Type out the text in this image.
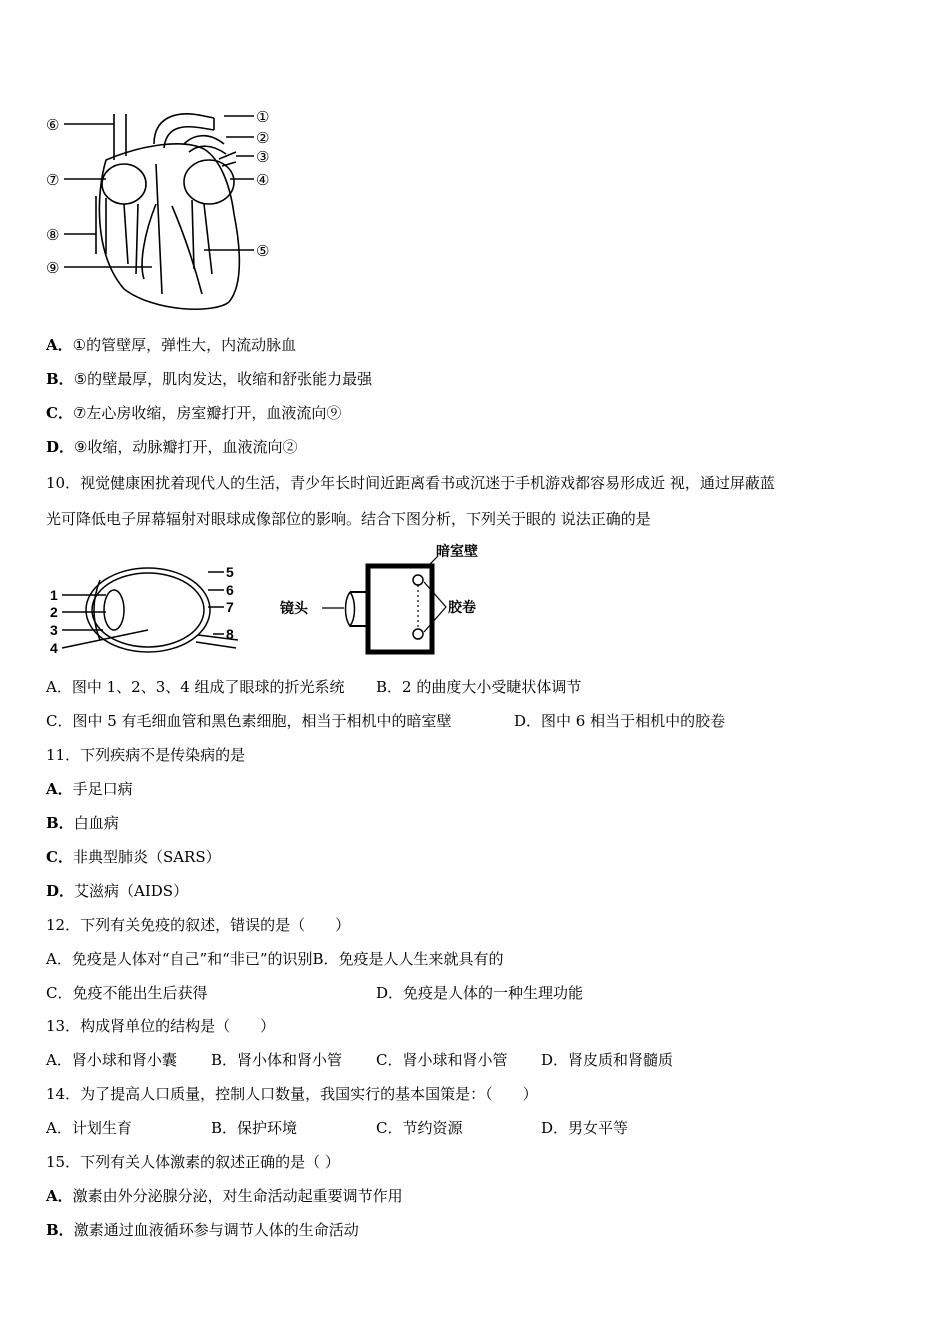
⑥
⑦
⑧
⑨
①
②
③
④
⑤
A．①的管壁厚，弹性大，内流动脉血
B．⑤的壁最厚，肌肉发达，收缩和舒张能力最强
C．⑦左心房收缩，房室瓣打开，血液流向⑨
D．⑨收缩，动脉瓣打开，血液流向②
10．视觉健康困扰着现代人的生活，青少年长时间近距离看书或沉迷于手机游戏都容易形成近 视，通过屏蔽蓝
光可降低电子屏幕辐射对眼球成像部位的影响。结合下图分析，下列关于眼的 说法正确的是
1
2
3
4
5
6
7
8
暗室壁
镜头	胶卷
A．图中 1、2、3、4 组成了眼球的折光系统 B．2 的曲度大小受睫状体调节
C．图中 5 有毛细血管和黑色素细胞，相当于相机中的暗室壁	D．图中 6 相当于相机中的胶卷
11．下列疾病不是传染病的是
A．手足口病
B．白血病
C．非典型肺炎（SARS）
D．艾滋病（AIDS）
12．下列有关免疫的叙述，错误的是（　　）
A．免疫是人体对“自己”和“非已”的识别B．免疫是人人生来就具有的
C．免疫不能出生后获得	D．免疫是人体的一种生理功能
13．构成肾单位的结构是（　　）
A．肾小球和肾小囊 B．肾小体和肾小管 C．肾小球和肾小管 D．肾皮质和肾髓质
14．为了提高人口质量，控制人口数量，我国实行的基本国策是：（　　）
A．计划生育	B．保护环境	C．节约资源	D．男女平等
15．下列有关人体激素的叙述正确的是（ ）
A．激素由外分泌腺分泌，对生命活动起重要调节作用
B．激素通过血液循环参与调节人体的生命活动
